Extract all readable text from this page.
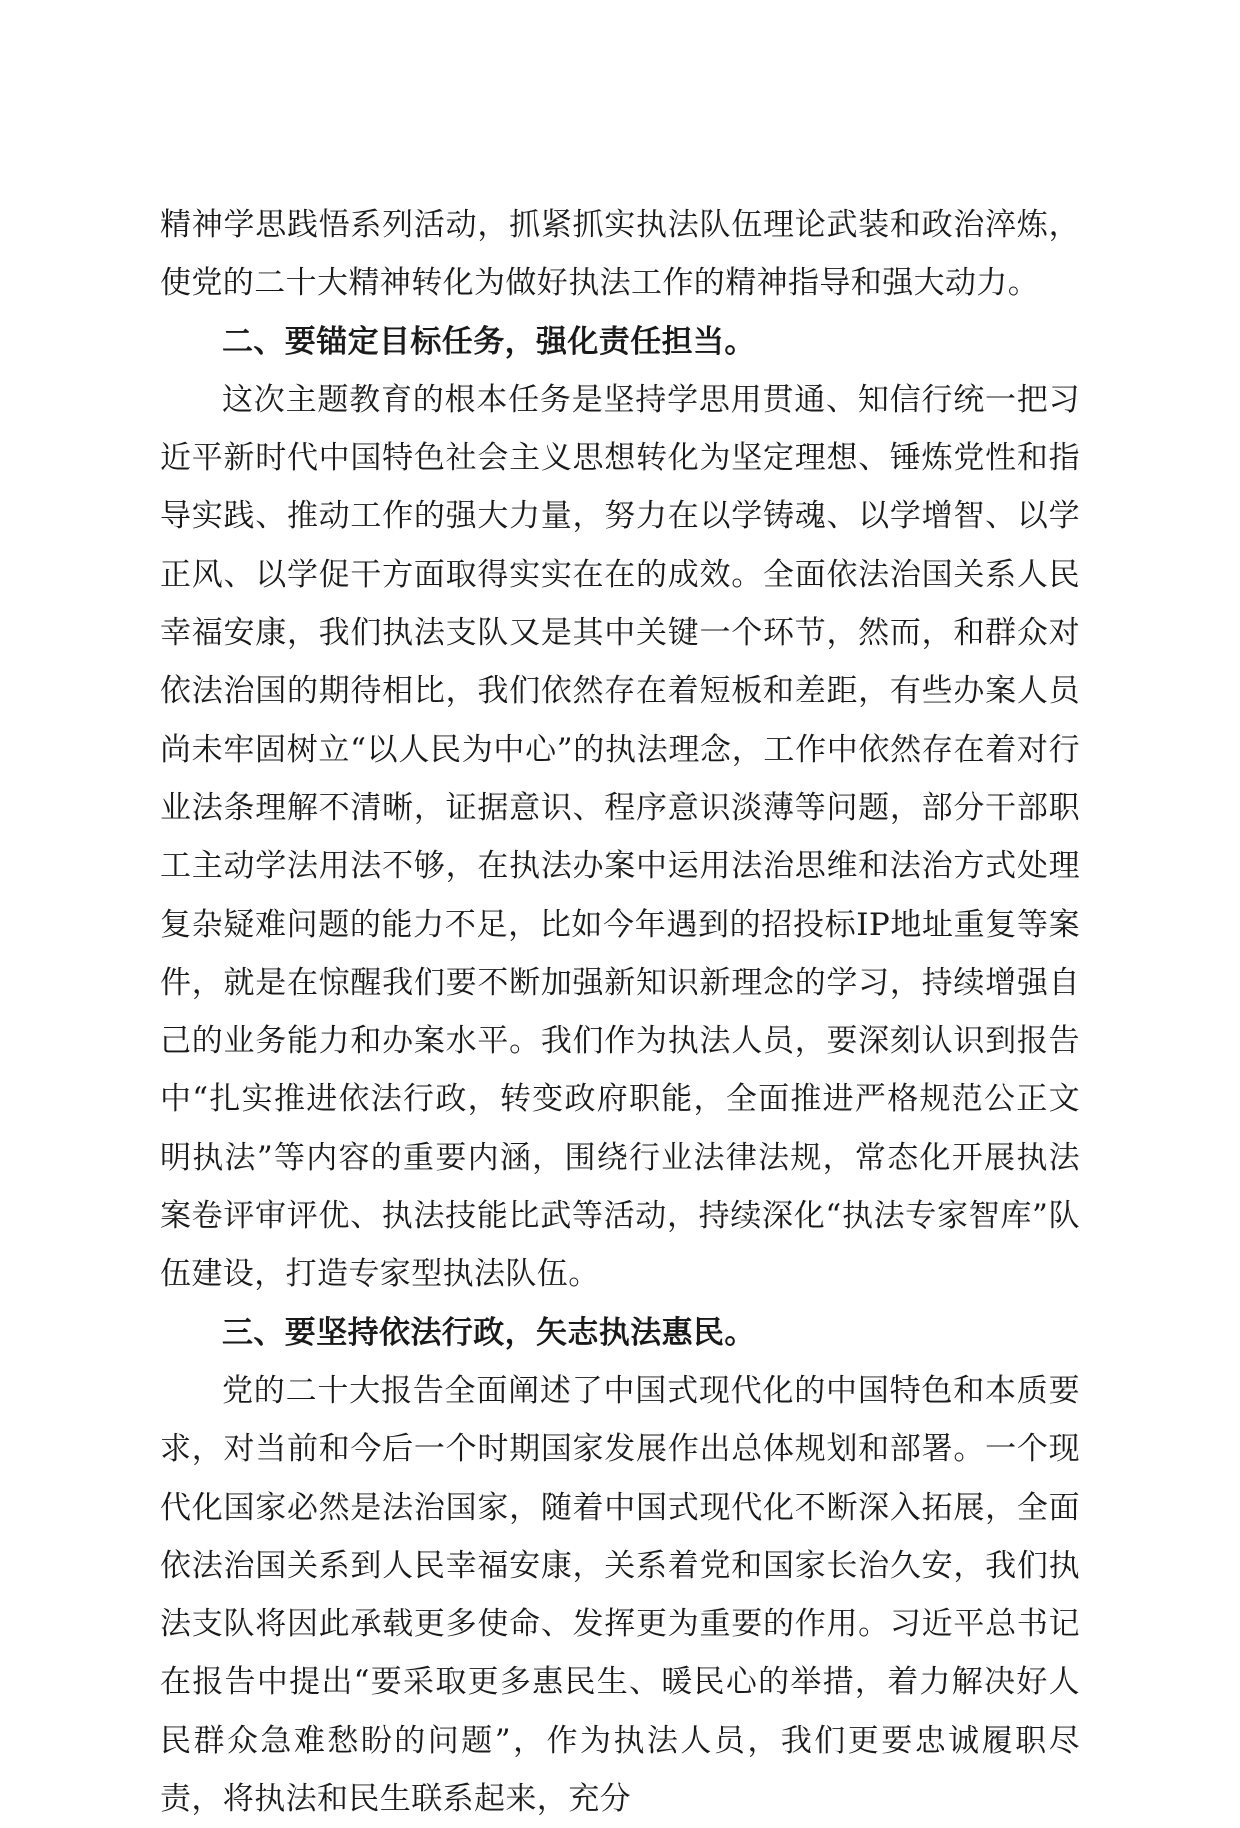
精神学思践悟系列活动，抓紧抓实执法队伍理论武装和政治淬炼，使党的二十大精神转化为做好执法工作的精神指导和强大动力。

二、要锚定目标任务，强化责任担当。

这次主题教育的根本任务是坚持学思用贯通、知信行统一把习近平新时代中国特色社会主义思想转化为坚定理想、锤炼党性和指导实践、推动工作的强大力量，努力在以学铸魂、以学增智、以学正风、以学促干方面取得实实在在的成效。全面依法治国关系人民幸福安康，我们执法支队又是其中关键一个环节，然而，和群众对依法治国的期待相比，我们依然存在着短板和差距，有些办案人员尚未牢固树立“以人民为中心”的执法理念，工作中依然存在着对行业法条理解不清晰，证据意识、程序意识淡薄等问题，部分干部职工主动学法用法不够，在执法办案中运用法治思维和法治方式处理复杂疑难问题的能力不足，比如今年遇到的招投标IP地址重复等案件，就是在惊醒我们要不断加强新知识新理念的学习，持续增强自己的业务能力和办案水平。我们作为执法人员，要深刻认识到报告中“扎实推进依法行政，转变政府职能，全面推进严格规范公正文明执法”等内容的重要内涵，围绕行业法律法规，常态化开展执法案卷评审评优、执法技能比武等活动，持续深化“执法专家智库”队伍建设，打造专家型执法队伍。

三、要坚持依法行政，矢志执法惠民。

党的二十大报告全面阐述了中国式现代化的中国特色和本质要求，对当前和今后一个时期国家发展作出总体规划和部署。一个现代化国家必然是法治国家，随着中国式现代化不断深入拓展，全面依法治国关系到人民幸福安康，关系着党和国家长治久安，我们执法支队将因此承载更多使命、发挥更为重要的作用。习近平总书记在报告中提出“要采取更多惠民生、暖民心的举措，着力解决好人民群众急难愁盼的问题”，作为执法人员，我们更要忠诚履职尽责，将执法和民生联系起来，充分
